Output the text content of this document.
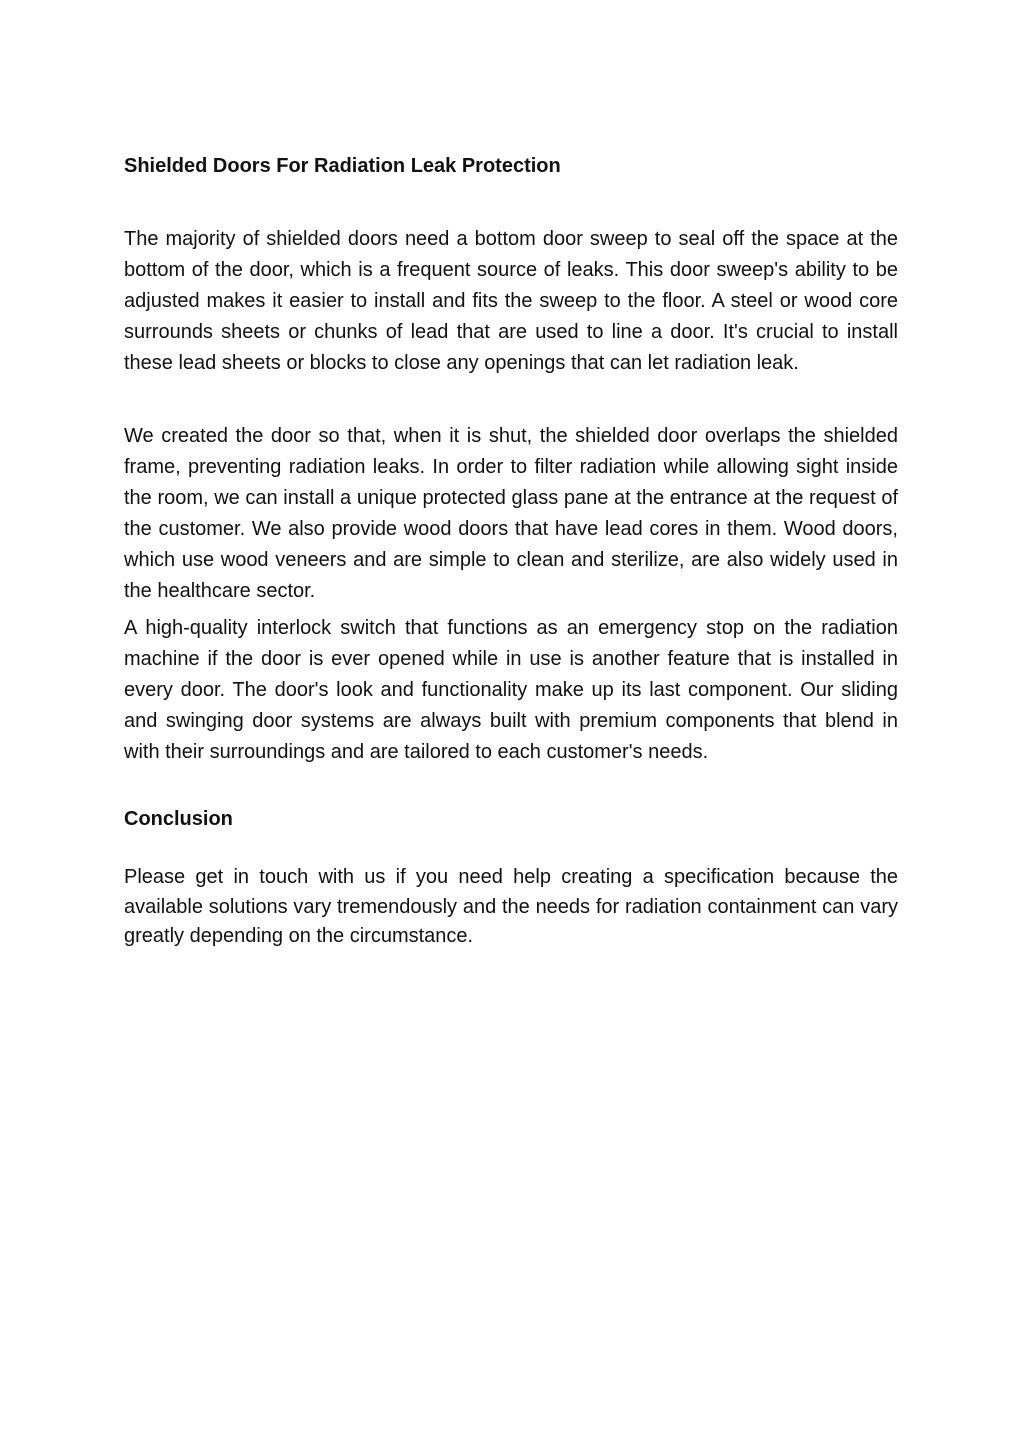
Shielded Doors For Radiation Leak Protection

The majority of shielded doors need a bottom door sweep to seal off the space at the bottom of the door, which is a frequent source of leaks. This door sweep's ability to be adjusted makes it easier to install and fits the sweep to the floor. A steel or wood core surrounds sheets or chunks of lead that are used to line a door. It's crucial to install these lead sheets or blocks to close any openings that can let radiation leak.

We created the door so that, when it is shut, the shielded door overlaps the shielded frame, preventing radiation leaks. In order to filter radiation while allowing sight inside the room, we can install a unique protected glass pane at the entrance at the request of the customer. We also provide wood doors that have lead cores in them. Wood doors, which use wood veneers and are simple to clean and sterilize, are also widely used in the healthcare sector.

A high-quality interlock switch that functions as an emergency stop on the radiation machine if the door is ever opened while in use is another feature that is installed in every door. The door's look and functionality make up its last component. Our sliding and swinging door systems are always built with premium components that blend in with their surroundings and are tailored to each customer's needs.

Conclusion

Please get in touch with us if you need help creating a specification because the available solutions vary tremendously and the needs for radiation containment can vary greatly depending on the circumstance.
